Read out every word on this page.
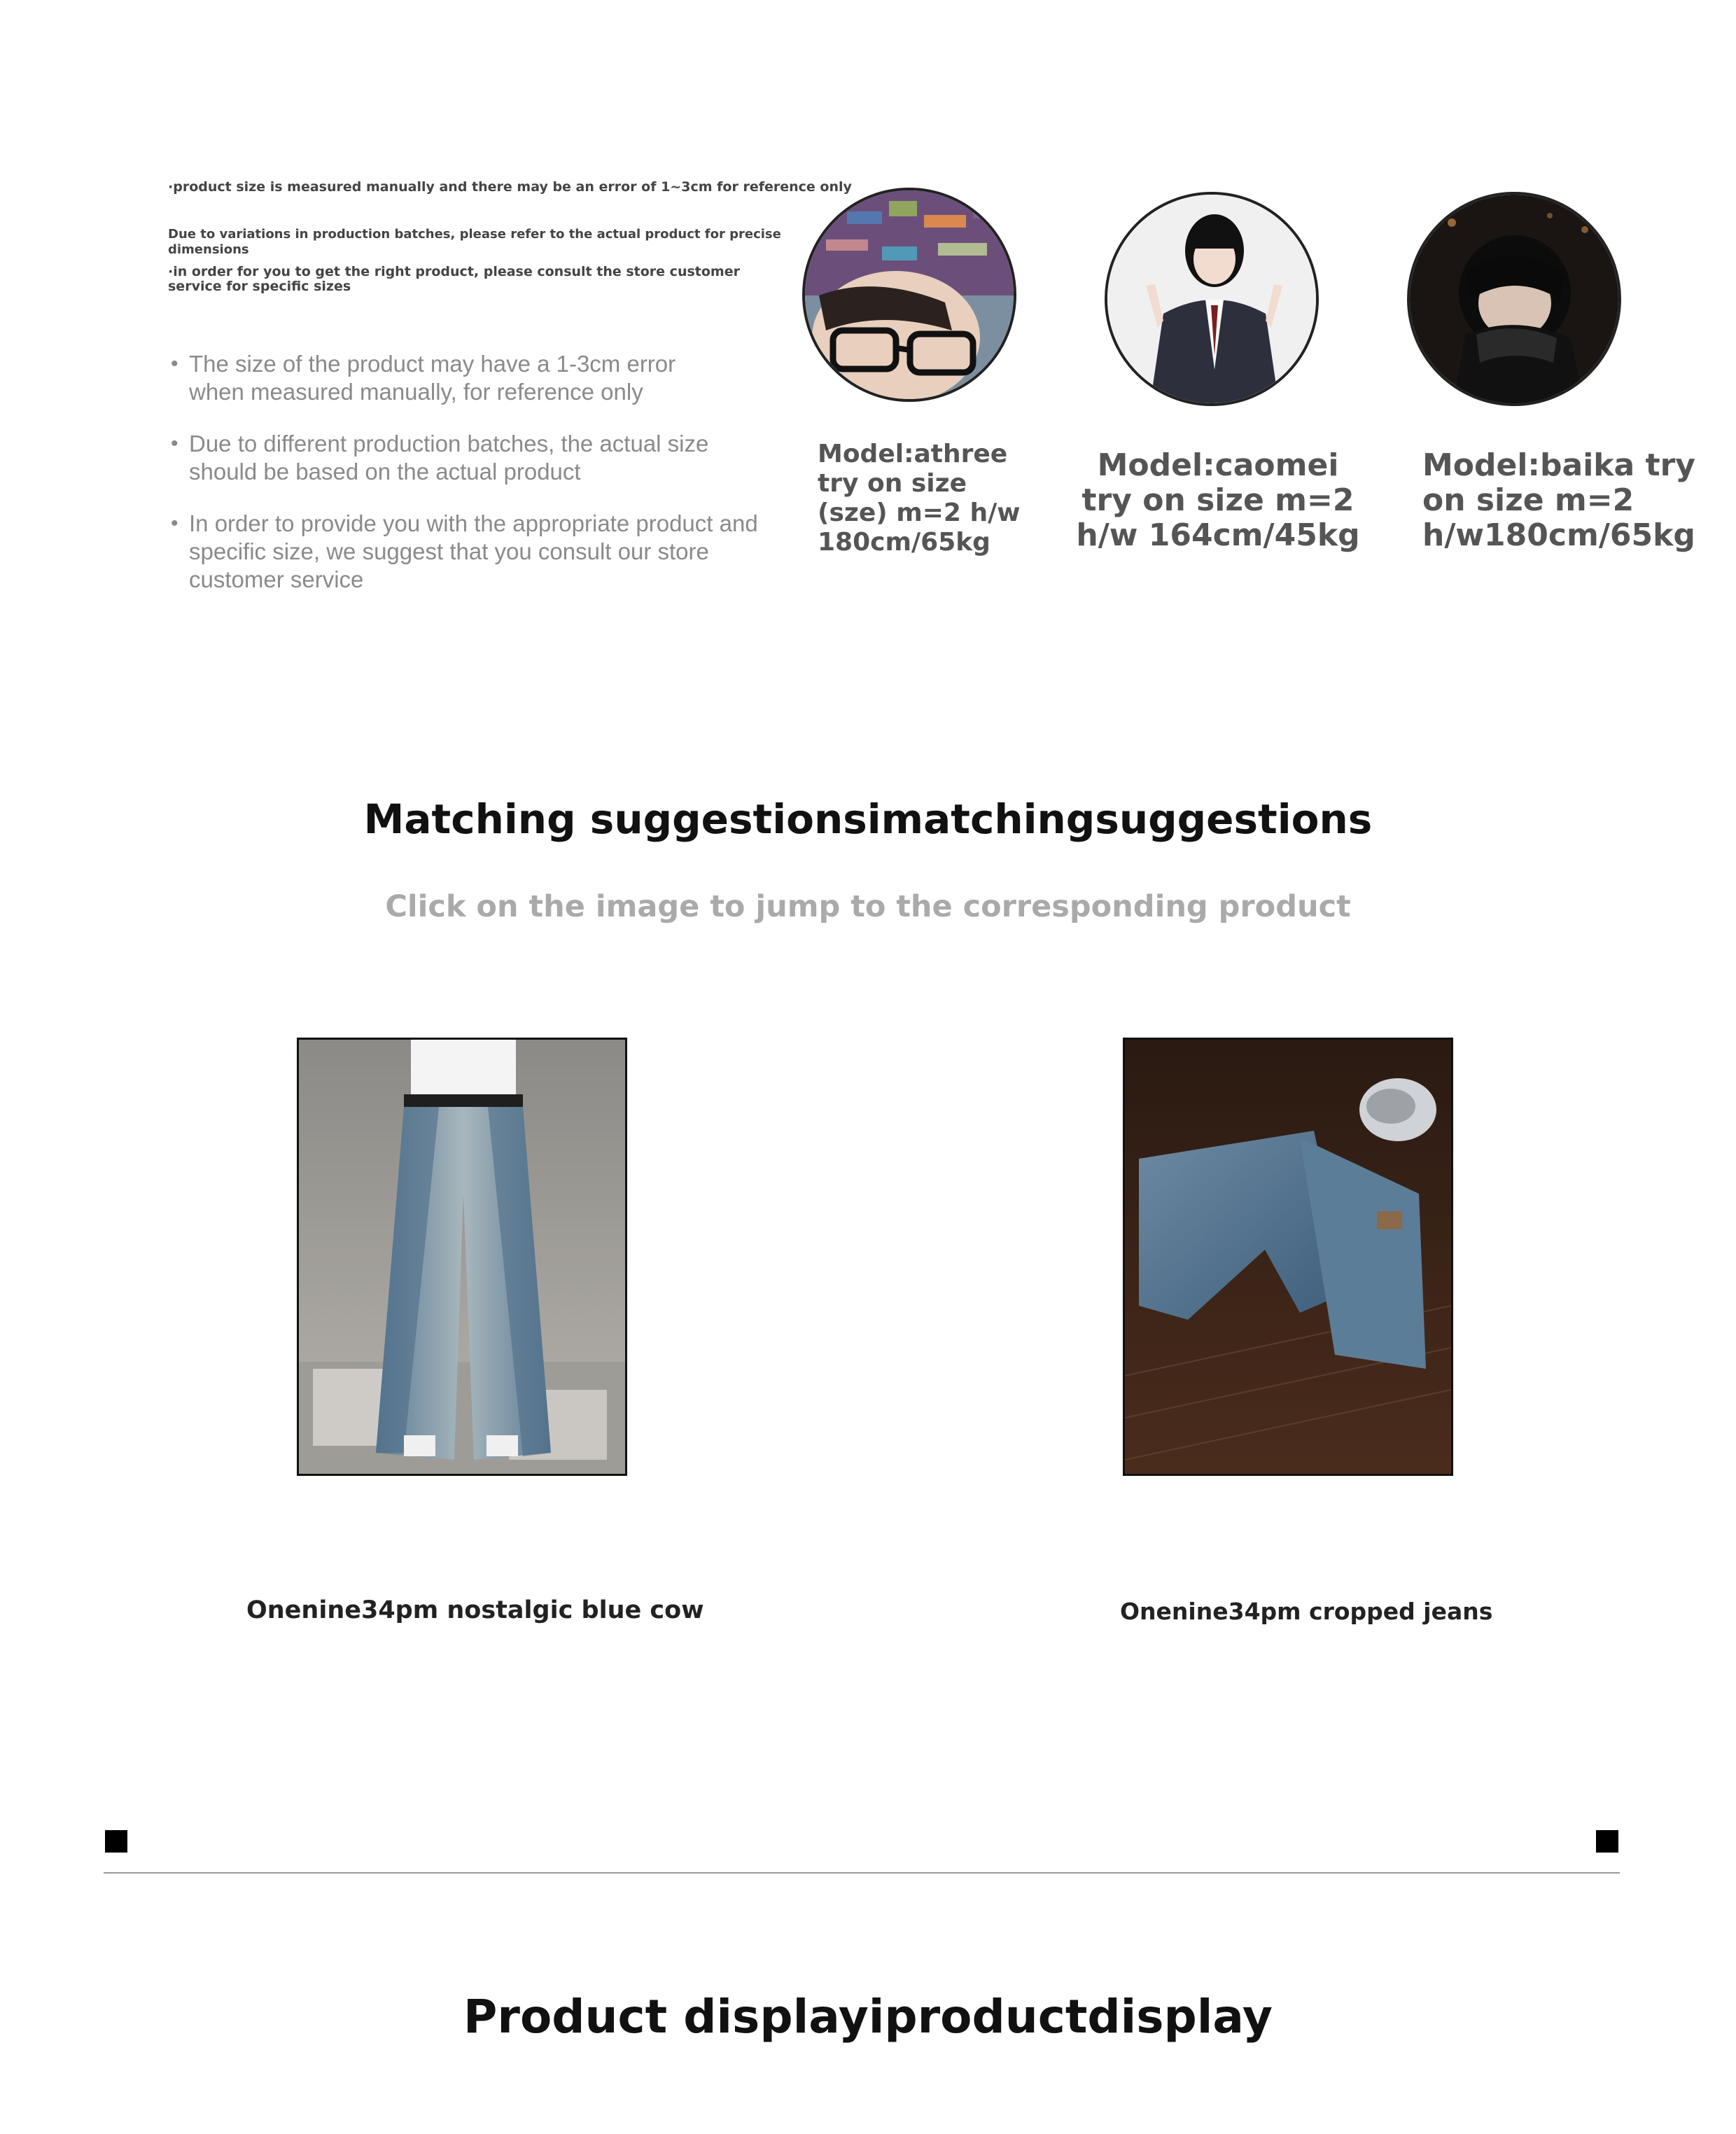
·product size is measured manually and there may be an error of 1~3cm for reference only
Due to variations in production batches, please refer to the actual product for precise dimensions
·in order for you to get the right product, please consult the store customer service for specific sizes
• The size of the product may have a 1-3cm error when measured manually, for reference only
• Due to different production batches, the actual size should be based on the actual product
• In order to provide you with the appropriate product and specific size, we suggest that you consult our store customer service
Model:athree try on size (sze) m=2 h/w 180cm/65kg
Model:caomei try on size m=2 h/w 164cm/45kg
Model:baika try on size m=2 h/w180cm/65kg
Matching suggestionsimatchingsuggestions
Click on the image to jump to the corresponding product
Onenine34pm nostalgic blue cow	Onenine34pm cropped jeans
Product displayiproductdisplay
